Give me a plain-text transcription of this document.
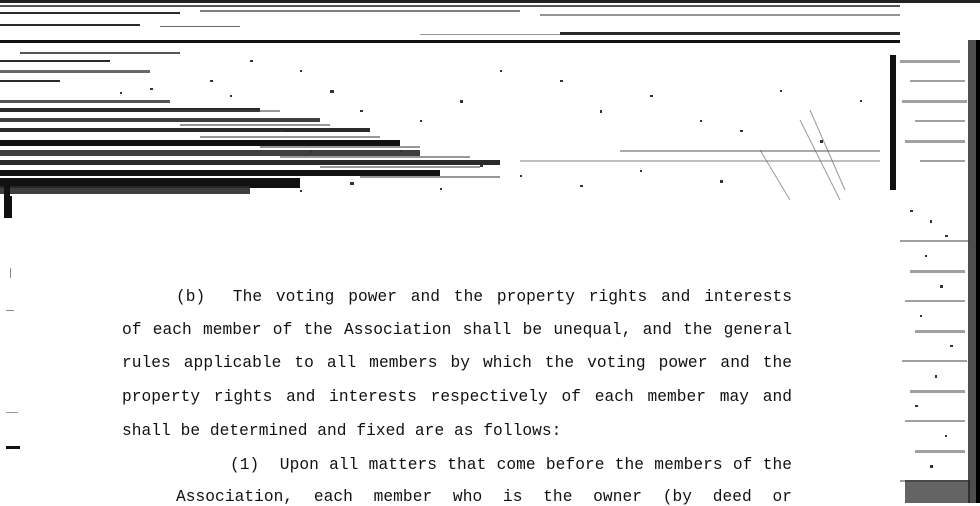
(b)  The voting power and the property rights and interests
of each member of the Association shall be unequal, and the general
rules applicable to all members by which the voting power and the
property rights and interests respectively of each member may and
shall be determined and fixed are as follows:
(1)  Upon all matters that come before the members of the
Association, each member who is the owner (by deed or
